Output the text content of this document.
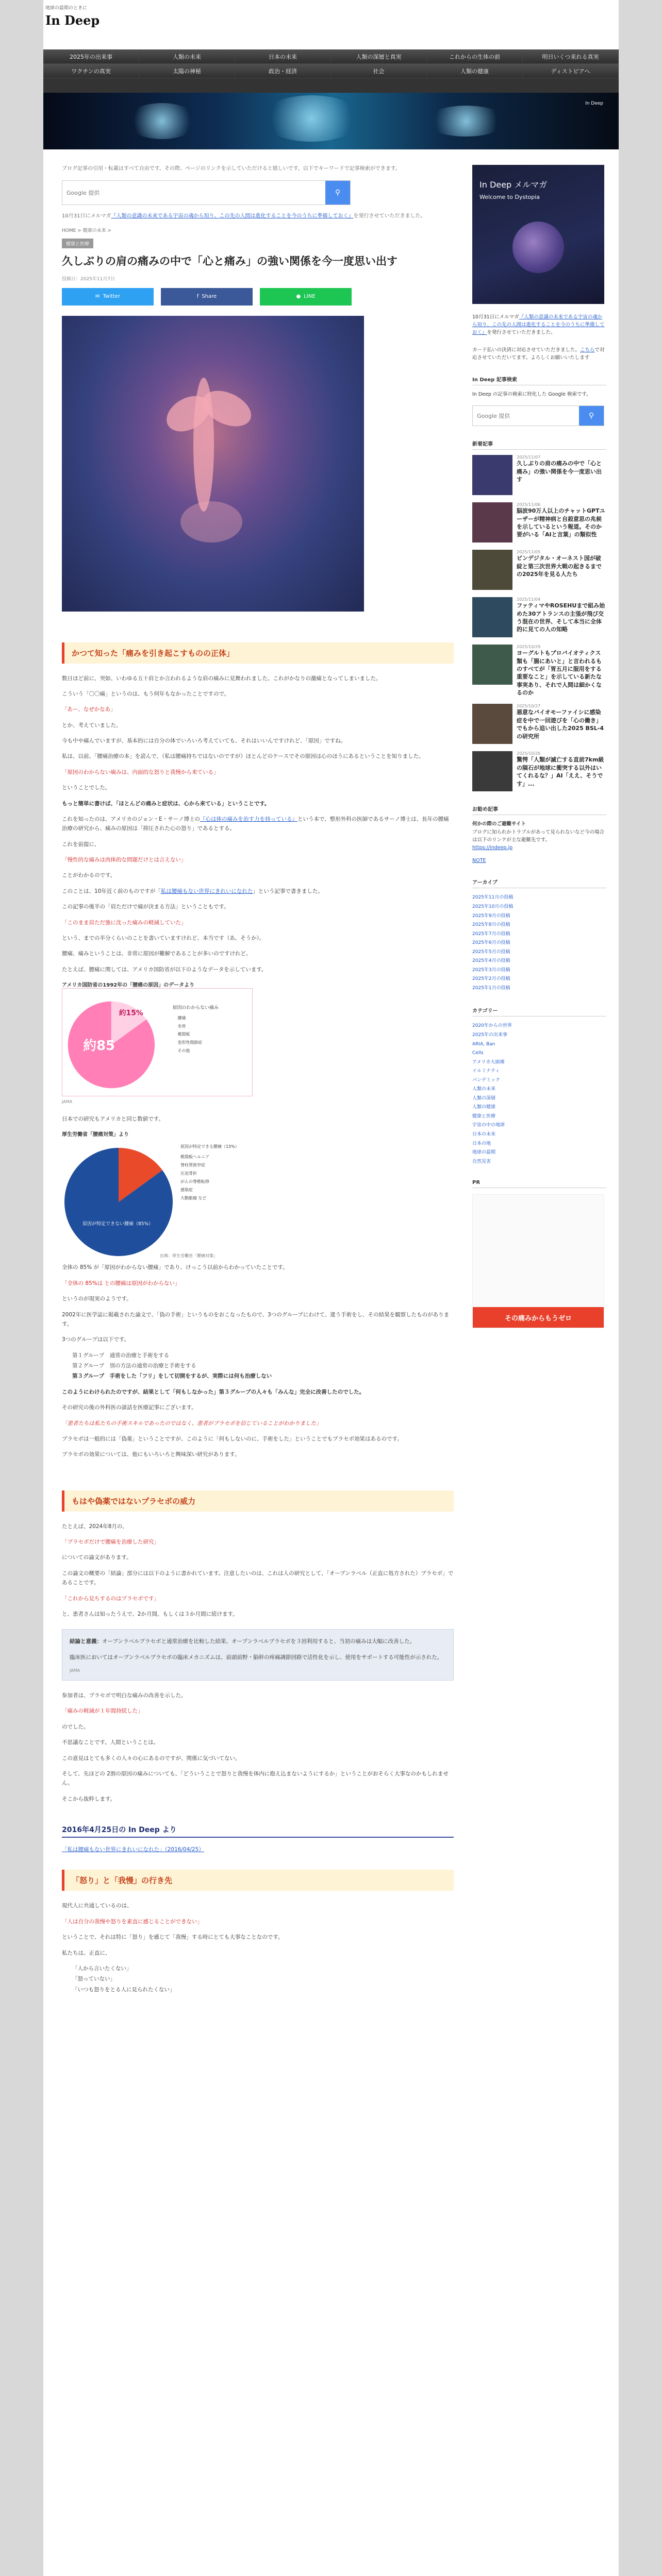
地球の最期のときに
In Deep
2025年の出来事	人類の未来	日本の未来	人類の深層と真実	これからの生体の前	明日いくつ来れる真実
ワクチンの真実	太陽の神秘	政治・経済	社会	人類の健康	ディストピアへ
In Deep

ブログ記事の引用・転載はすべて自由です。その際、ページのリンクを示していただけると嬉しいです。以下でキーワードで記事検索ができます。

Google 提供
⚲

10月31日にメルマガ『人類の意識の未来である宇宙の魂から知り、この先の人間は進化することを今のうちに準備しておく』を発行させていただきました。

HOME > 健康の未来 >
健康と医療
久しぶりの肩の痛みの中で「心と痛み」の強い関係を今一度思い出す
投稿日：2025年11月7日
✉ Twitter	f Share	● LINE
かつて知った「痛みを引き起こすものの正体」

数日ほど前に、突如、いわゆる五十肩とか言われるような肩の痛みに見舞われました。これがかなりの激痛となってしまいました。

こういう「〇〇痛」というのは、もう何年もなかったことですので。

「あー、なぜかなあ」

とか、考えていました。

今も中や痛んでいますが、基本的には自分の体でいろいろ考えていても、それはいいんですけれど、「原因」ですね。

私は、以前、「腰痛治療の本」を読んで、（私は腰痛持ちではないのですが）ほとんどのケースでその原因は心のほうにあるということを知りました。

「原因のわからない痛みは、内面的な怒りと我慢から来ている」

ということでした。

もっと簡単に書けば、「ほとんどの痛みと症状は、心から来ている」ということです。

これを知ったのは、アメリカのジョン・E・サーノ博士の『心は体の痛みを治す力を持っている』という本で、整形外科の医師であるサーノ博士は、長年の腰痛治療の研究から、痛みの原因は「抑圧された心の怒り」であるとする。

これを前提に、

「慢性的な痛みは肉体的な問題だけとは言えない」

ことがわかるのです。

このことは、10年近く前のものですが「私は腰痛もない世界にきれいになれた」という記事で書きました。

この記事の後半の「肩ただけで痛が決まる方法」ということもです。

「このまま肩ただ強に沈った痛みの軽減していた」

という、までの半分くらいのことを書いていますけれど、本当です（あ、そうか）。

腰痛、痛みということは、非常に原因が難解であることが多いのですけれど。

たとえば、腰痛に関しては、アメリカ国防省が以下のようなデータを示しています。

アメリカ国防省の1992年の「腰痛の原因」のデータより
約85
約15%
原因のわからない痛み
腰痛
坐骨
椎間板
変形性関節症
その他
JAMA

日本での研究もアメリカと同じ数値です。

厚生労働省「腰痛対策」より
原因が特定できない腰痛（85%）
原因が特定できる腰痛（15%）
椎間板ヘルニア
脊柱管狭窄症
圧迫骨折
がんの脊椎転移
感染症
大動脈瘤 など
出典：厚生労働省「腰痛対策」

全体の 85% が「原因がわからない腰痛」であり、けっこう以前からわかっていたことです。

「全体の 85%は との腰痛は原因がわからない」

というのが現実のようです。

2002年に医学誌に掲載された論文で、「偽の手術」というものをおこなったもので、3つのグループにわけて、違う手術をし、その結果を観察したものがあります。

3つのグループは以下です。

第１グループ　通常の治療と手術をする

第２グループ　別の方法の通常の治療と手術をする

第３グループ　手術をした「フリ」をして切開をするが、実際には何も治療しない

このようにわけられたのですが、結果として「何もしなかった」第３グループの人々も「みんな」完全に改善したのでした。

その研究の後の外科医の談話を医療記事にございます。

「患者たちは私たちの手術スキルであったのではなく、患者がプラセボを信じていることがわかりました」

プラセボは一般的には「偽薬」ということですが、このように「何もしないのに、手術をした」ということでもプラセボ効果はあるのです。

プラセボの効果については、他にもいろいろと興味深い研究があります。

もはや偽薬ではないプラセボの威力

たとえば、2024年8月の、

「プラセボだけで腰痛を治療した研究」

についての論文があります。

この論文の概要の「結論」部分には以下のように書かれています。注意したいのは、これは人の研究として、「オープンラベル（正直に処方された）プラセボ」であることです。

「これから見ちするのはプラセボです」

と、患者さんは知ったうえで、2か月間、もしくは３か月間に続けます。

結論と意義：オープンラベルプラセボと通常治療を比較した結果、オープンラベルプラセボを３回利用すると、当初の痛みは大幅に改善した。

臨床医においてはオープンラベルプラセボの臨床メカニズムは、前頭前野・脳幹の疼痛調節回路で活性化を示し、使用をサポートする可能性が示された。

JAMA

参加者は、プラセボで明白な痛みの改善を示した。

「痛みの軽減が１年間持続した」

のでした。

不思議なことです。人間ということは。

この意見はとても多くの人々の心にあるのですが、関係に気づいてない。

そして、先ほどの 2割の原因の痛みについても、「どういうことで怒りと我慢を体内に抱え込まないようにするか」ということがおそらく大事なのかもしれません。

そこから抜粋します。

2016年4月25日の In Deep より

「私は腰痛もない世界にきれいになれた」（2016/04/25）

「怒り」と「我慢」の行き先

現代人に共通しているのは、

「人は自分の我慢や怒りを素直に感じることができない」

ということで、それは特に「怒り」を感じて「我慢」する時にとても大事なことなのです。

私たちは、正直に、

「人から言いたくない」

「怒っていない」

「いつも怒りをとる人に見られたくない」

In Deep メルマガ
Welcome to Dystopia

10月31日にメルマガ『人類の意識の未来である宇宙の魂から知り、この先の人間は進化することを今のうちに準備しておく』を発行させていただきました。

カード払いの決済に対応させていただきました。こちらで対応させていただいてます。よろしくお願いいたします

In Deep 記事検索

In Deep の記事の検索に特化した Google 検索です。

Google 提供
⚲
新着記事
2025/11/07
久しぶりの肩の痛みの中で「心と痛み」の強い関係を今一度思い出す
2025/11/06
脳波90万人以上のチャットGPTユーザーが精神病と自殺意思の兆候を示しているという報道。そのか要がいる「AIと言葉」の類似性
2025/11/05
ビンデジタル・オーネスト国が破綻と第三次世界大戦の起きるまでの2025年を見る人たち
2025/11/04
ファティマやROSEHUまで組み始めた30アトランスの主張が飛び交う混在の世界、そして本当に全体的に見ての人の知略
2025/10/29
ヨーグルトもプロバイオティクス類も「腸にあいと」と言われるものすべてが「胃五月に服用をする重要なこと」を示している新たな事実あり、それで人間は細かくなるのか
2025/10/27
悪意なバイオモーファイシに感染症を中で一回遊びを「心の働き」でもから追い出した2025 BSL-4の研究所
2025/10/26
驚愕「人類が滅亡する直前7km級の隕石が地球に衝突する以外はいてくれるな？」AI「ええ、そうです」...
お勧め記事

何かの際のご避難サイト

ブログに知られかトラブルがあって見られないなど今の場合は以下のリンクが主な避難先です。

https://indeep.jp

NOTE

アーカイブ
2025年11月の投稿
2025年10月の投稿
2025年9月の投稿
2025年8月の投稿
2025年7月の投稿
2025年6月の投稿
2025年5月の投稿
2025年4月の投稿
2025年3月の投稿
2025年2月の投稿
2025年1月の投稿
カテゴリー
2020年からの世界
2025年の出来事
ARIA, Ban
Cells
アメリカ大崩壊
イルミナティ
パンデミック
人類の未来
人類の深層
人類の健康
健康と医療
宇宙の中の地球
日本の未来
日本の地
地球の最期
自然災害
PR
その痛みからもうゼロ
